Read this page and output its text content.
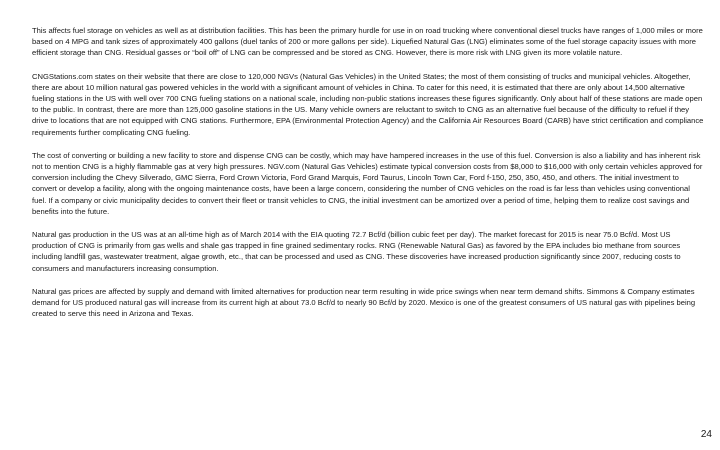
This affects fuel storage on vehicles as well as at distribution facilities. This has been the primary hurdle for use in on road trucking where conventional diesel trucks have ranges of 1,000 miles or more based on 4 MPG and tank sizes of approximately 400 gallons (duel tanks of 200 or more gallons per side). Liquefied Natural Gas (LNG) eliminates some of the fuel storage capacity issues with more efficient storage than CNG. Residual gasses or “boil off” of LNG can be compressed and be stored as CNG. However, there is more risk with LNG given its more volatile nature.

CNGStations.com states on their website that there are close to 120,000 NGVs (Natural Gas Vehicles) in the United States; the most of them consisting of trucks and municipal vehicles. Altogether, there are about 10 million natural gas powered vehicles in the world with a significant amount of vehicles in China. To cater for this need, it is estimated that there are only about 14,500 alternative fueling stations in the US with well over 700 CNG fueling stations on a national scale, including non-public stations increases these figures significantly. Only about half of these stations are made open to the public. In contrast, there are more than 125,000 gasoline stations in the US. Many vehicle owners are reluctant to switch to CNG as an alternative fuel because of the difficulty to refuel if they drive to locations that are not equipped with CNG stations. Furthermore, EPA (Environmental Protection Agency) and the California Air Resources Board (CARB) have strict certification and compliance requirements further complicating CNG fueling.

The cost of converting or building a new facility to store and dispense CNG can be costly, which may have hampered increases in the use of this fuel. Conversion is also a liability and has inherent risk not to mention CNG is a highly flammable gas at very high pressures. NGV.com (Natural Gas Vehicles) estimate typical conversion costs from $8,000 to $16,000 with only certain vehicles approved for conversion including the Chevy Silverado, GMC Sierra, Ford Crown Victoria, Ford Grand Marquis, Ford Taurus, Lincoln Town Car, Ford f-150, 250, 350, 450, and others. The initial investment to convert or develop a facility, along with the ongoing maintenance costs, have been a large concern, considering the number of CNG vehicles on the road is far less than vehicles using conventional fuel. If a company or civic municipality decides to convert their fleet or transit vehicles to CNG, the initial investment can be amortized over a period of time, helping them to realize cost savings and benefits into the future.

Natural gas production in the US was at an all-time high as of March 2014 with the EIA quoting 72.7 Bcf/d (billion cubic feet per day). The market forecast for 2015 is near 75.0 Bcf/d. Most US production of CNG is primarily from gas wells and shale gas trapped in fine grained sedimentary rocks. RNG (Renewable Natural Gas) as favored by the EPA includes bio methane from sources including landfill gas, wastewater treatment, algae growth, etc., that can be processed and used as CNG. These discoveries have increased production significantly since 2007, reducing costs to consumers and manufacturers increasing consumption.

Natural gas prices are affected by supply and demand with limited alternatives for production near term resulting in wide price swings when near term demand shifts. Simmons & Company estimates demand for US produced natural gas will increase from its current high at about 73.0 Bcf/d to nearly 90 Bcf/d by 2020. Mexico is one of the greatest consumers of US natural gas with pipelines being created to serve this need in Arizona and Texas.

24
